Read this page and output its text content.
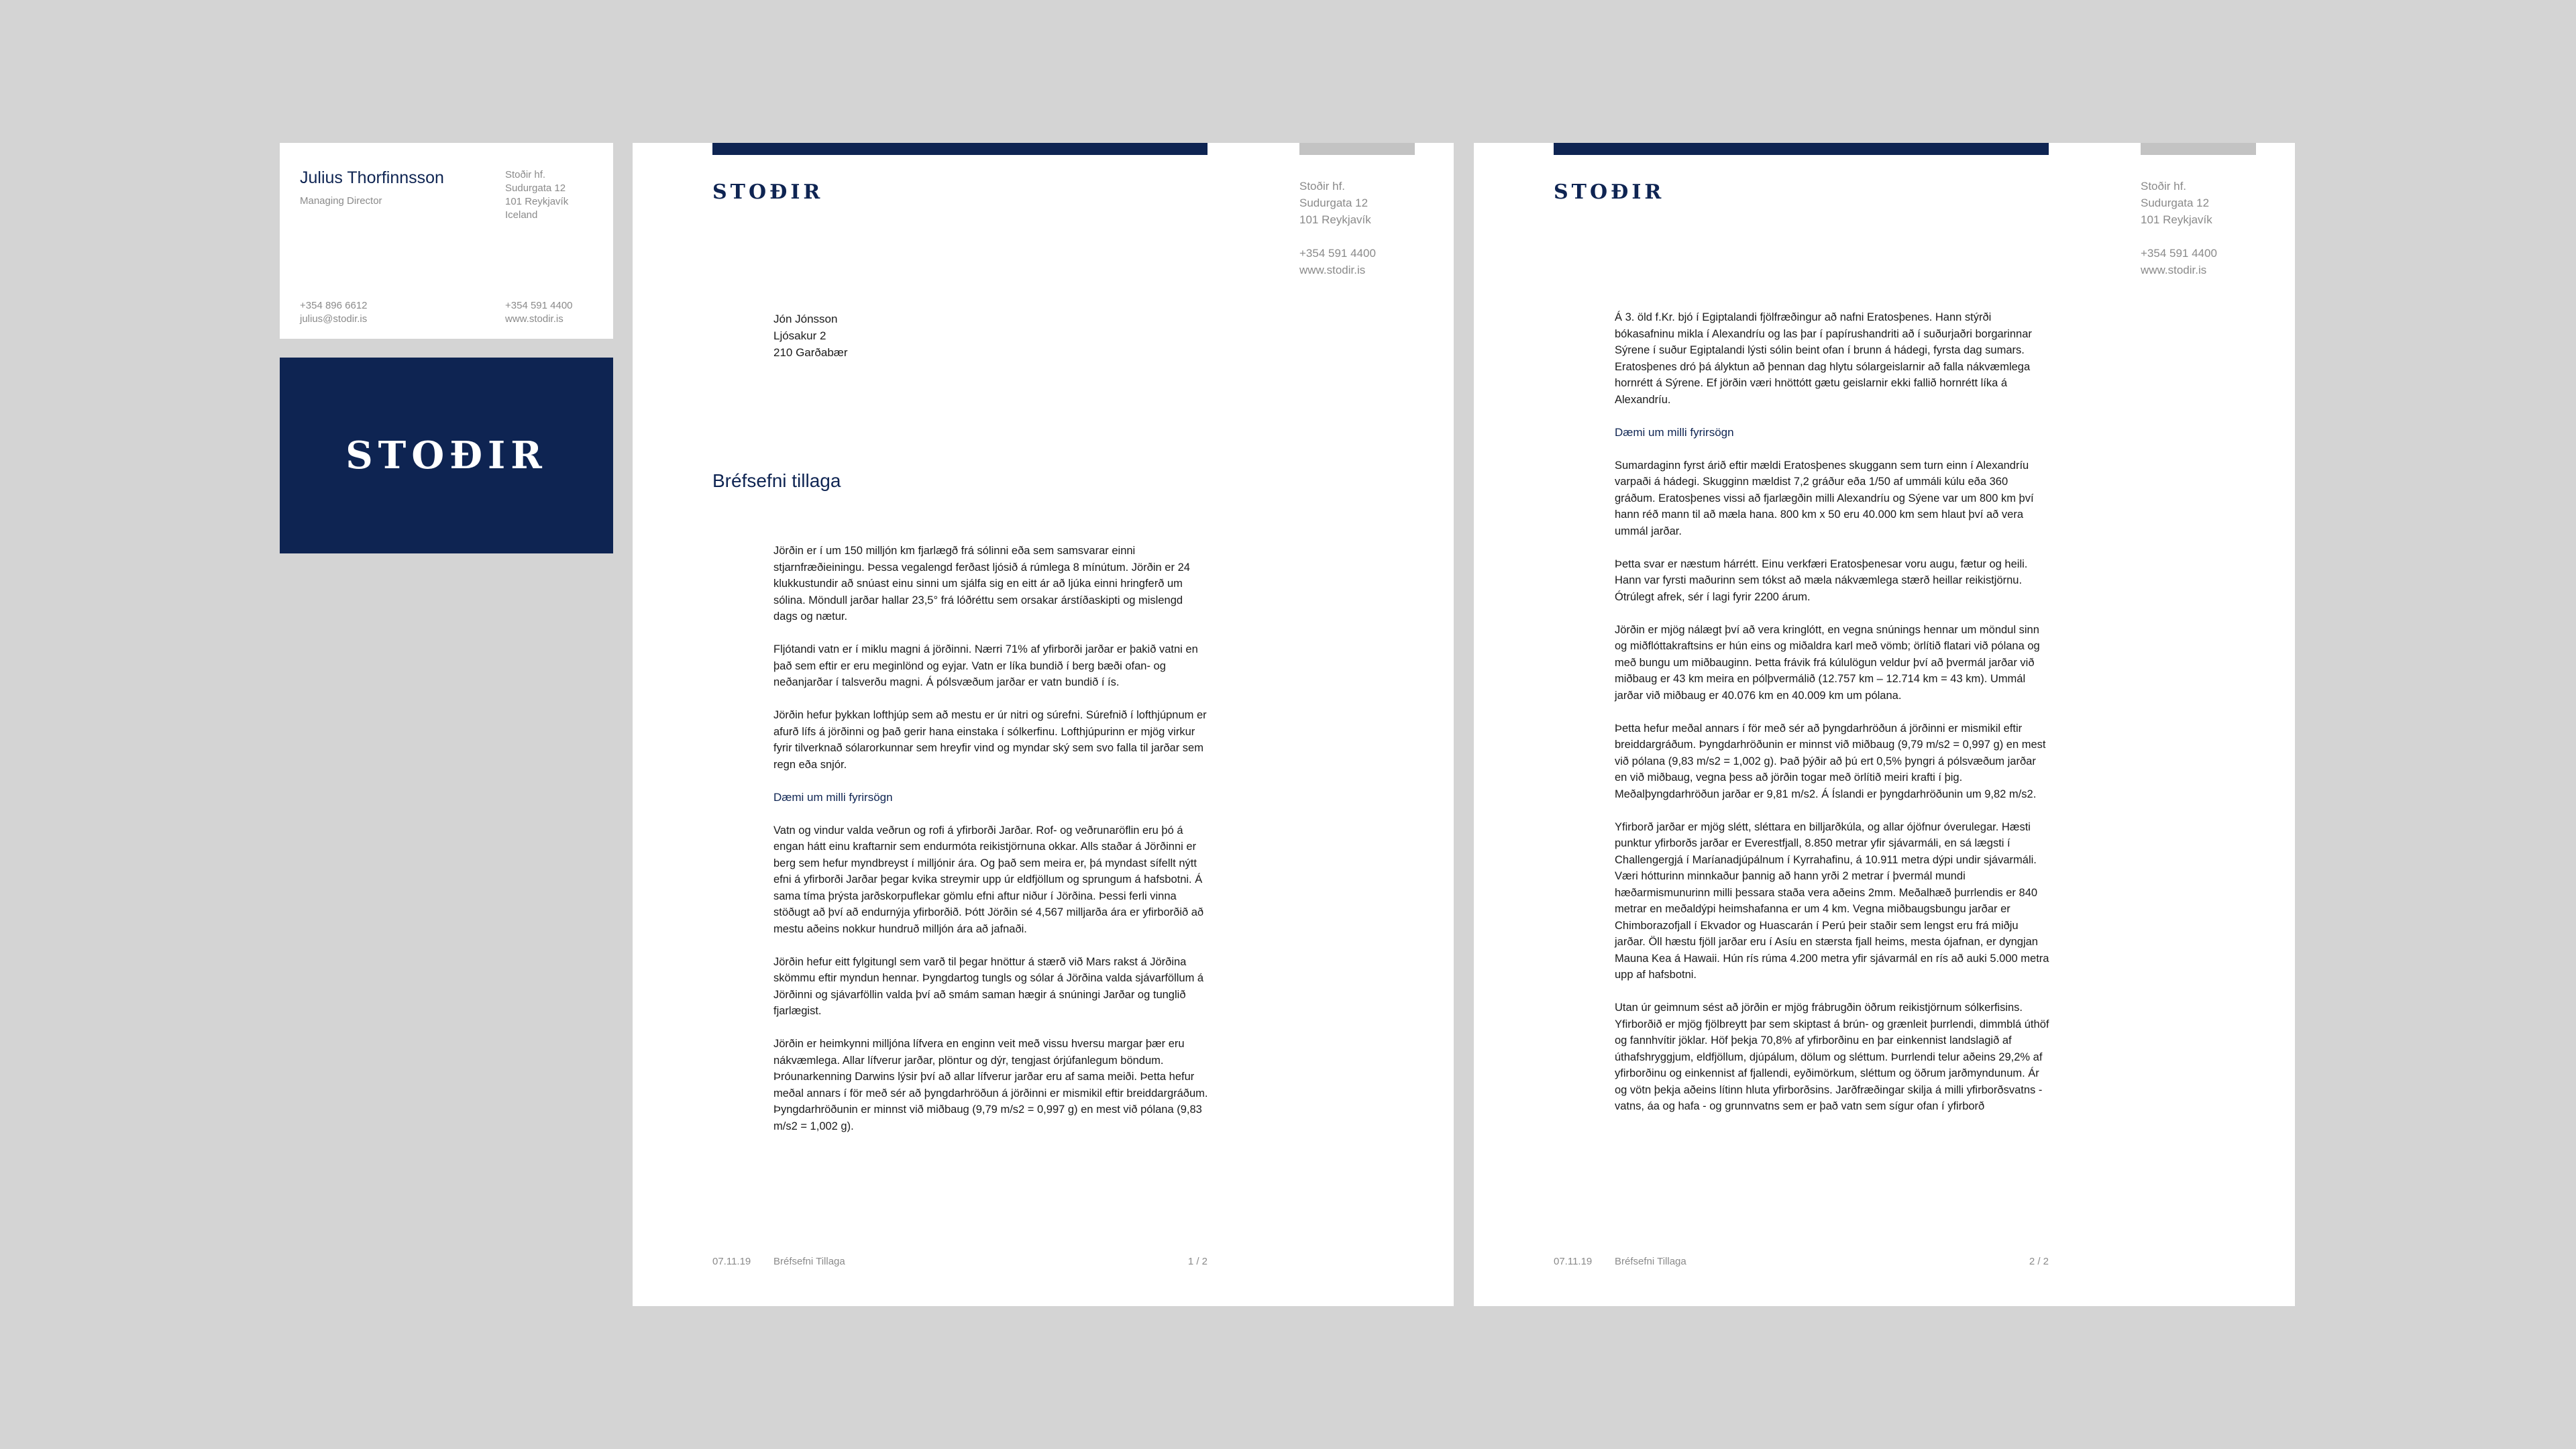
Julius Thorfinnsson
Managing Director
Stoðir hf.
Sudurgata 12
101 Reykjavík
Iceland
+354 896 6612
julius@stodir.is
+354 591 4400
www.stodir.is
STOÐIR
STOÐIR	Stoðir hf.
Sudurgata 12
101 Reykjavík
+354 591 4400
www.stodir.is
Jón Jónsson
Ljósakur 2
210 Garðabær
Bréfsefni tillaga

Jörðin er í um 150 milljón km fjarlægð frá sólinni eða sem samsvarar einni stjarnfræðieiningu. Þessa vegalengd ferðast ljósið á rúmlega 8 mínútum. Jörðin er 24 klukkustundir að snúast einu sinni um sjálfa sig en eitt ár að ljúka einni hringferð um sólina. Möndull jarðar hallar 23,5° frá lóðréttu sem orsakar árstíðaskipti og mislengd dags og nætur.

Fljótandi vatn er í miklu magni á jörðinni. Nærri 71% af yfirborði jarðar er þakið vatni en það sem eftir er eru meginlönd og eyjar. Vatn er líka bundið í berg bæði ofan- og neðanjarðar í talsverðu magni. Á pólsvæðum jarðar er vatn bundið í ís.

Jörðin hefur þykkan lofthjúp sem að mestu er úr nitri og súrefni. Súrefnið í lofthjúpnum er afurð lífs á jörðinni og það gerir hana einstaka í sólkerfinu. Lofthjúpurinn er mjög virkur fyrir tilverknað sólarorkunnar sem hreyfir vind og myndar ský sem svo falla til jarðar sem regn eða snjór.

Dæmi um milli fyrirsögn

Vatn og vindur valda veðrun og rofi á yfirborði Jarðar. Rof- og veðrunaröflin eru þó á engan hátt einu kraftarnir sem endurmóta reikistjörnuna okkar. Alls staðar á Jörðinni er berg sem hefur myndbreyst í milljónir ára. Og það sem meira er, þá myndast sífellt nýtt efni á yfirborði Jarðar þegar kvika streymir upp úr eldfjöllum og sprungum á hafsbotni. Á sama tíma þrýsta jarðskorpuflekar gömlu efni aftur niður í Jörðina. Þessi ferli vinna stöðugt að því að endurnýja yfirborðið. Þótt Jörðin sé 4,567 milljarða ára er yfirborðið að mestu aðeins nokkur hundruð milljón ára að jafnaði.

Jörðin hefur eitt fylgitungl sem varð til þegar hnöttur á stærð við Mars rakst á Jörðina skömmu eftir myndun hennar. Þyngdartog tungls og sólar á Jörðina valda sjávarföllum á Jörðinni og sjávarföllin valda því að smám saman hægir á snúningi Jarðar og tunglið fjarlægist.

Jörðin er heimkynni milljóna lífvera en enginn veit með vissu hversu margar þær eru nákvæmlega. Allar lífverur jarðar, plöntur og dýr, tengjast órjúfanlegum böndum. Þróunarkenning Darwins lýsir því að allar lífverur jarðar eru af sama meiði. Þetta hefur meðal annars í för með sér að þyngdarhröðun á jörðinni er mismikil eftir breiddargráðum. Þyngdarhröðunin er minnst við miðbaug (9,79 m/s2 = 0,997 g) en mest við pólana (9,83 m/s2 = 1,002 g).

07.11.19 Bréfsefni Tillaga	1 / 2
STOÐIR	Stoðir hf.
Sudurgata 12
101 Reykjavík
+354 591 4400
www.stodir.is

Á 3. öld f.Kr. bjó í Egiptalandi fjölfræðingur að nafni Eratosþenes. Hann stýrði bókasafninu mikla í Alexandríu og las þar í papírushandriti að í suðurjaðri borgarinnar Sýrene í suður Egiptalandi lýsti sólin beint ofan í brunn á hádegi, fyrsta dag sumars. Eratosþenes dró þá ályktun að þennan dag hlytu sólargeislarnir að falla nákvæmlega hornrétt á Sýrene. Ef jörðin væri hnöttótt gætu geislarnir ekki fallið hornrétt líka á Alexandríu.

Dæmi um milli fyrirsögn

Sumardaginn fyrst árið eftir mældi Eratosþenes skuggann sem turn einn í Alexandríu varpaði á hádegi. Skugginn mældist 7,2 gráður eða 1/50 af ummáli kúlu eða 360 gráðum. Eratosþenes vissi að fjarlægðin milli Alexandríu og Sýene var um 800 km því hann réð mann til að mæla hana. 800 km x 50 eru 40.000 km sem hlaut því að vera ummál jarðar.

Þetta svar er næstum hárrétt. Einu verkfæri Eratosþenesar voru augu, fætur og heili. Hann var fyrsti maðurinn sem tókst að mæla nákvæmlega stærð heillar reikistjörnu. Ótrúlegt afrek, sér í lagi fyrir 2200 árum.

Jörðin er mjög nálægt því að vera kringlótt, en vegna snúnings hennar um möndul sinn og miðflóttakraftsins er hún eins og miðaldra karl með vömb; örlítið flatari við pólana og með bungu um miðbauginn. Þetta frávik frá kúlulögun veldur því að þvermál jarðar við miðbaug er 43 km meira en pólþvermálið (12.757 km – 12.714 km = 43 km). Ummál jarðar við miðbaug er 40.076 km en 40.009 km um pólana.

Þetta hefur meðal annars í för með sér að þyngdarhröðun á jörðinni er mismikil eftir breiddargráðum. Þyngdarhröðunin er minnst við miðbaug (9,79 m/s2 = 0,997 g) en mest við pólana (9,83 m/s2 = 1,002 g). Það þýðir að þú ert 0,5% þyngri á pólsvæðum jarðar en við miðbaug, vegna þess að jörðin togar með örlítið meiri krafti í þig. Meðalþyngdarhröðun jarðar er 9,81 m/s2. Á Íslandi er þyngdarhröðunin um 9,82 m/s2.

Yfirborð jarðar er mjög slétt, sléttara en billjarðkúla, og allar ójöfnur óverulegar. Hæsti punktur yfirborðs jarðar er Everestfjall, 8.850 metrar yfir sjávarmáli, en sá lægsti í Challengergjá í Maríanadjúpálnum í Kyrrahafinu, á 10.911 metra dýpi undir sjávarmáli. Væri hótturinn minnkaður þannig að hann yrði 2 metrar í þvermál mundi hæðarmismunurinn milli þessara staða vera aðeins 2mm. Meðalhæð þurrlendis er 840 metrar en meðaldýpi heimshafanna er um 4 km. Vegna miðbaugsbungu jarðar er Chimborazofjall í Ekvador og Huascarán í Perú þeir staðir sem lengst eru frá miðju jarðar. Öll hæstu fjöll jarðar eru í Asíu en stærsta fjall heims, mesta ójafnan, er dyngjan Mauna Kea á Hawaii. Hún rís rúma 4.200 metra yfir sjávarmál en rís að auki 5.000 metra upp af hafsbotni.

Utan úr geimnum sést að jörðin er mjög frábrugðin öðrum reikistjörnum sólkerfisins. Yfirborðið er mjög fjölbreytt þar sem skiptast á brún- og grænleit þurrlendi, dimmblá úthöf og fannhvítir jöklar. Höf þekja 70,8% af yfirborðinu en þar einkennist landslagið af úthafshryggjum, eldfjöllum, djúpálum, dölum og sléttum. Þurrlendi telur aðeins 29,2% af yfirborðinu og einkennist af fjallendi, eyðimörkum, sléttum og öðrum jarðmyndunum. Ár og vötn þekja aðeins lítinn hluta yfirborðsins. Jarðfræðingar skilja á milli yfirborðsvatns - vatns, áa og hafa - og grunnvatns sem er það vatn sem sígur ofan í yfirborð

07.11.19 Bréfsefni Tillaga	2 / 2
